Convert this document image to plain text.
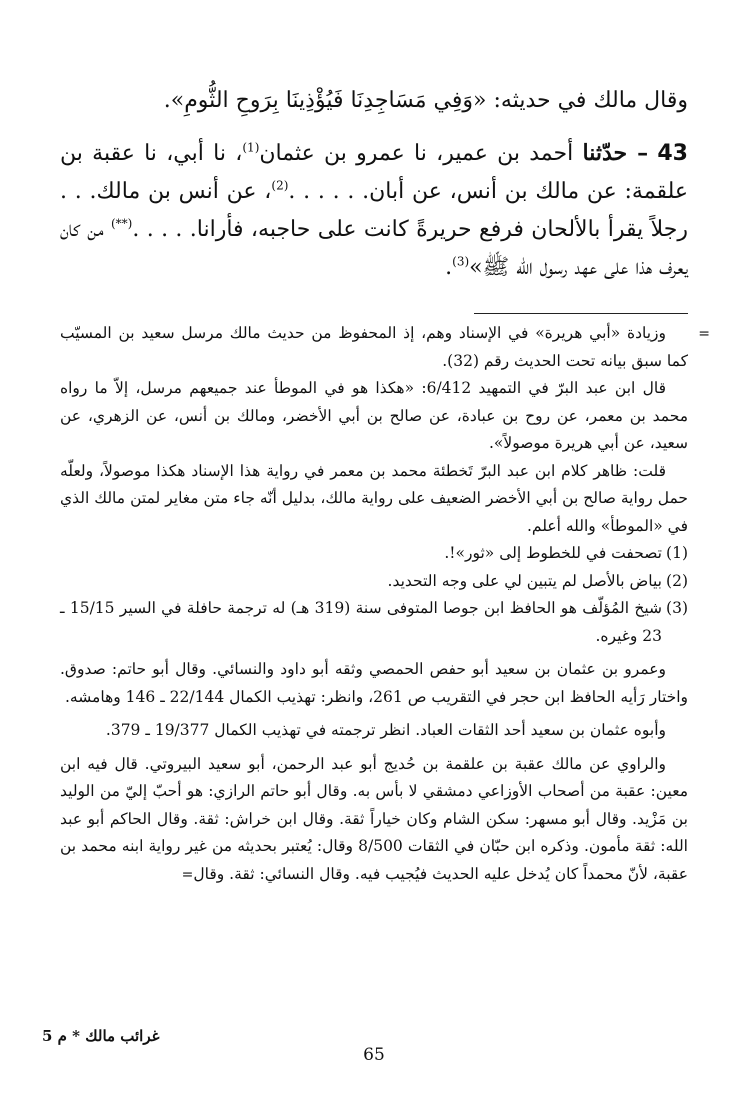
وقال مالك في حديثه: «وَفِي مَسَاجِدِنَا فَيُؤْذِينَا بِرَوحِ الثُّومِ».

43 – حدّثنا أحمد بن عمير، نا عمرو بن عثمان$^{(1)}$، نا أبي، نا عقبة بن علقمة: عن مالك بن أنس، عن أبان. . . . . .$^{(2)}$، عن أنس بن مالك. . . رجلاً يقرأ بالألحان فرفع حريرةً كانت على حاجبه، فأرانا. . . . .(**) من كان يعرف هذا على عهد رسول الله ﷺ»$^{(3)}$.

=

وزيادة «أبي هريرة» في الإسناد وهم، إذ المحفوظ من حديث مالك مرسل سعيد بن المسيّب كما سبق بيانه تحت الحديث رقم (32).

قال ابن عبد البرّ في التمهيد 6/412: «هكذا هو في الموطأ عند جميعهم مرسل، إلاّ ما رواه محمد بن معمر، عن روح بن عبادة، عن صالح بن أبي الأخضر، ومالك بن أنس، عن الزهري، عن سعيد، عن أبي هريرة موصولاً».

قلت: ظاهر كلام ابن عبد البرّ تَخطئة محمد بن معمر في رواية هذا الإسناد هكذا موصولاً، ولعلّه حمل رواية صالح بن أبي الأخضر الضعيف على رواية مالك، بدليل أنّه جاء متن مغاير لمتن مالك الذي في «الموطأ» والله أعلم.

(1)
تصحفت في للخطوط إلى «ثور»!.

(2)
بياض بالأصل لم يتبين لي على وجه التحديد.

(3)
شيخ المُؤلّف هو الحافظ ابن جوصا المتوفى سنة (319 هـ) له ترجمة حافلة في السير 15/15 ـ 23 وغيره.

وعمرو بن عثمان بن سعيد أبو حفص الحمصي وثقه أبو داود والنسائي. وقال أبو حاتم: صدوق. واختار رَأيه الحافظ ابن حجر في التقريب ص 261، وانظر: تهذيب الكمال 22/144 ـ 146 وهامشه.

وأبوه عثمان بن سعيد أحد الثقات العباد. انظر ترجمته في تهذيب الكمال 19/377 ـ 379.

والراوي عن مالك عقبة بن علقمة بن حُديج أبو عبد الرحمن، أبو سعيد البيروتي. قال فيه ابن معين: عقبة من أصحاب الأوزاعي دمشقي لا بأس به. وقال أبو حاتم الرازي: هو أحبّ إليّ من الوليد بن مَزْيد. وقال أبو مسهر: سكن الشام وكان خياراً ثقة. وقال ابن خراش: ثقة. وقال الحاكم أبو عبد الله: ثقة مأمون. وذكره ابن حبّان في الثقات 8/500 وقال: يُعتبر بحديثه من غير رواية ابنه محمد بن عقبة، لأنّ محمداً كان يُدخل عليه الحديث فيُجيب فيه. وقال النسائي: ثقة. وقال=

غرائب مالك * م 5
65
